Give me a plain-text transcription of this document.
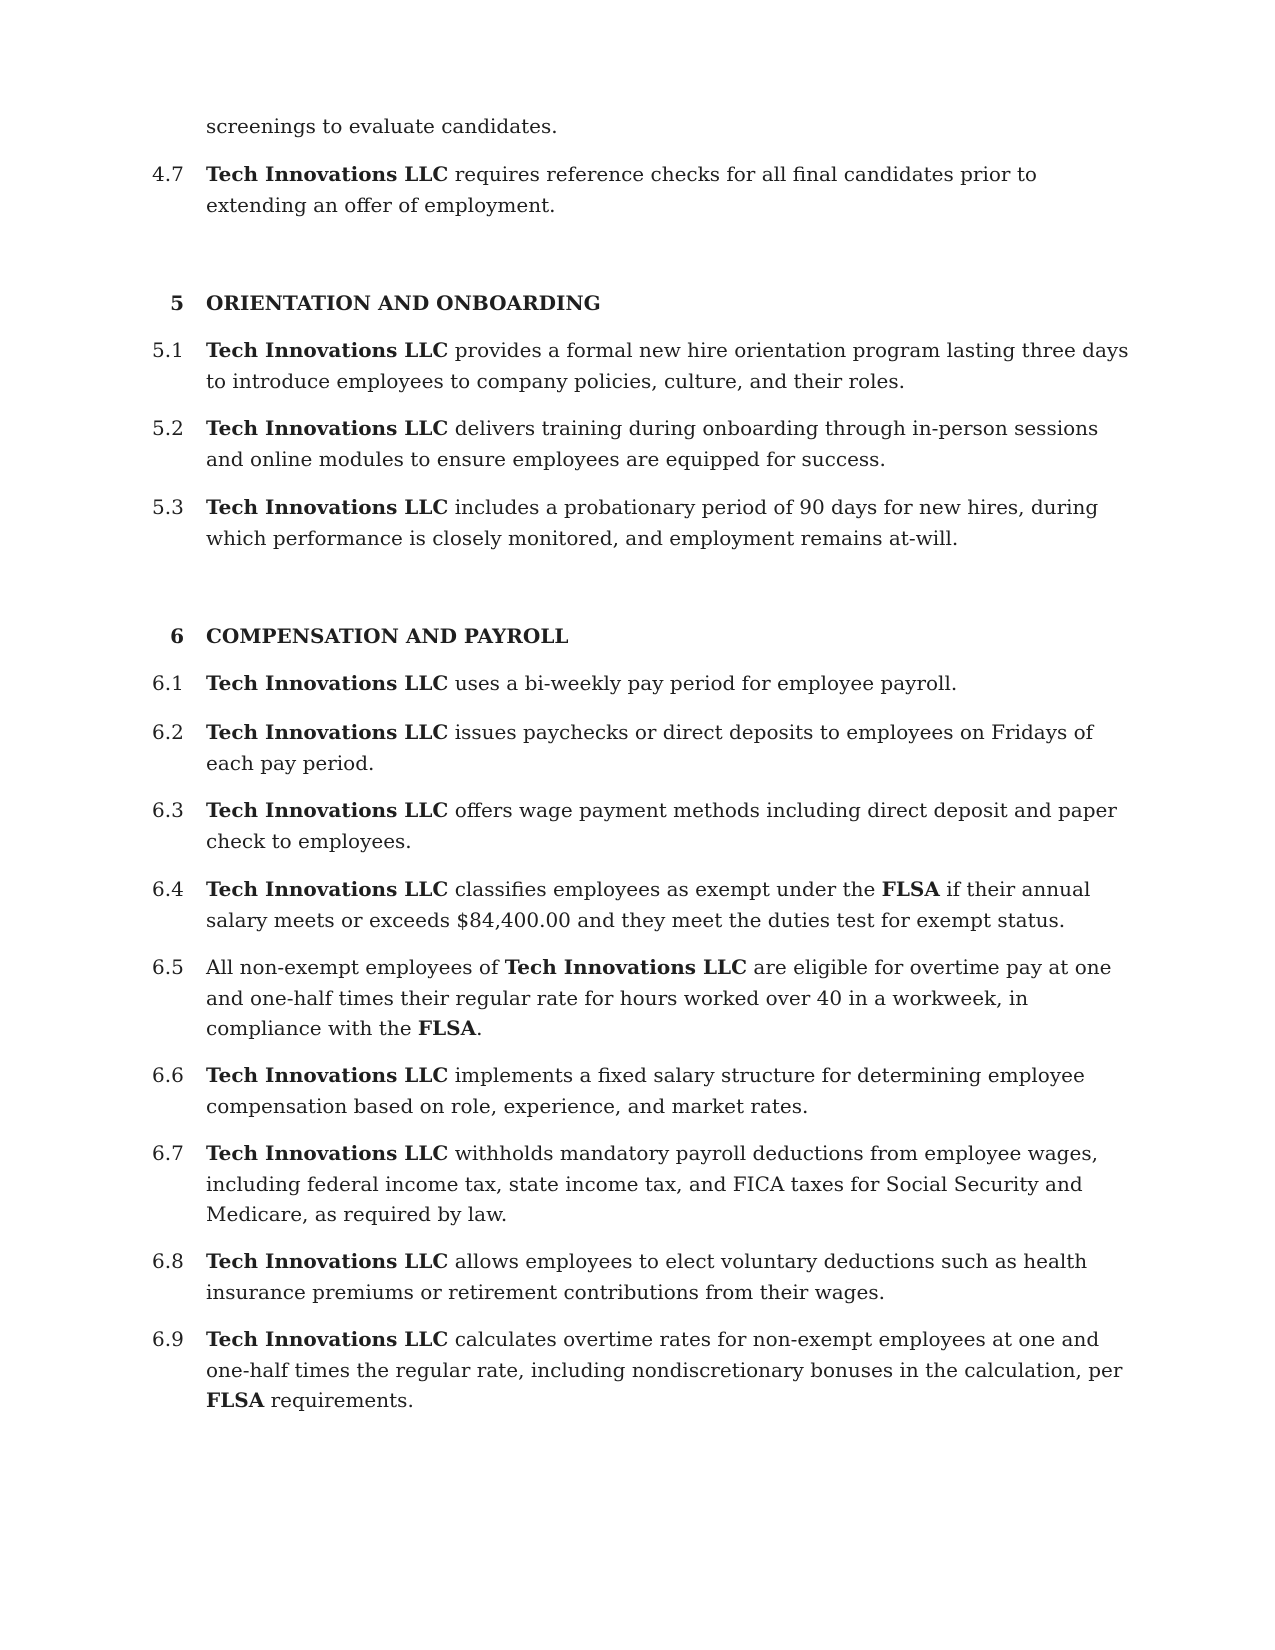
screenings to evaluate candidates.
4.7	Tech Innovations LLC requires reference checks for all final candidates prior to extending an offer of employment.
5 ORIENTATION AND ONBOARDING
5.1	Tech Innovations LLC provides a formal new hire orientation program lasting three days to introduce employees to company policies, culture, and their roles.
5.2	Tech Innovations LLC delivers training during onboarding through in-person sessions and online modules to ensure employees are equipped for success.
5.3	Tech Innovations LLC includes a probationary period of 90 days for new hires, during which performance is closely monitored, and employment remains at-will.
6 COMPENSATION AND PAYROLL
6.1	Tech Innovations LLC uses a bi-weekly pay period for employee payroll.
6.2	Tech Innovations LLC issues paychecks or direct deposits to employees on Fridays of each pay period.
6.3	Tech Innovations LLC offers wage payment methods including direct deposit and paper check to employees.
6.4	Tech Innovations LLC classifies employees as exempt under the FLSA if their annual salary meets or exceeds $84,400.00 and they meet the duties test for exempt status.
6.5	All non-exempt employees of Tech Innovations LLC are eligible for overtime pay at one and one-half times their regular rate for hours worked over 40 in a workweek, in compliance with the FLSA.
6.6	Tech Innovations LLC implements a fixed salary structure for determining employee compensation based on role, experience, and market rates.
6.7	Tech Innovations LLC withholds mandatory payroll deductions from employee wages, including federal income tax, state income tax, and FICA taxes for Social Security and Medicare, as required by law.
6.8	Tech Innovations LLC allows employees to elect voluntary deductions such as health insurance premiums or retirement contributions from their wages.
6.9	Tech Innovations LLC calculates overtime rates for non-exempt employees at one and one-half times the regular rate, including nondiscretionary bonuses in the calculation, per FLSA requirements.
